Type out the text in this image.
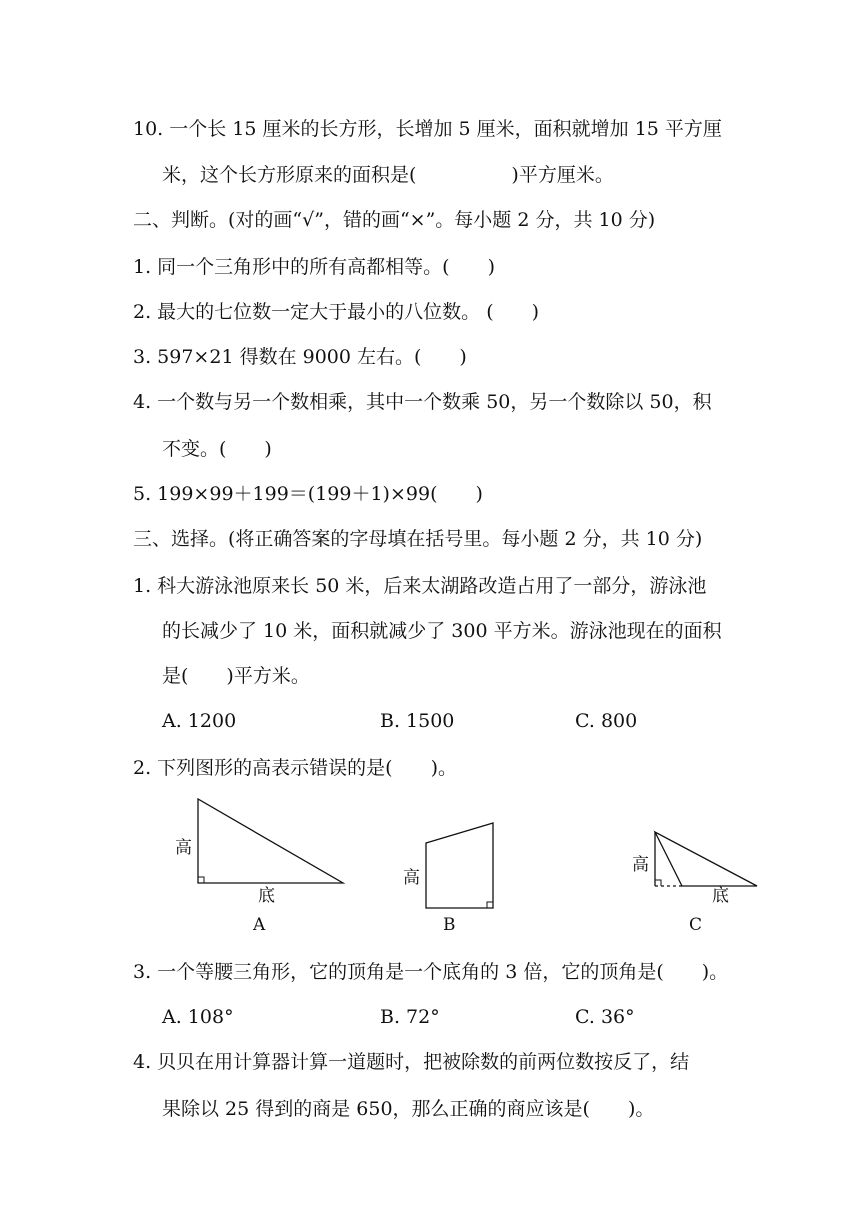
10. 一个长 15 厘米的长方形，长增加 5 厘米，面积就增加 15 平方厘
米，这个长方形原来的面积是(　　　　　)平方厘米。
二、判断。(对的画“√”，错的画“×”。每小题 2 分，共 10 分)
1. 同一个三角形中的所有高都相等。(　　)
2. 最大的七位数一定大于最小的八位数。 (　　)
3. 597×21 得数在 9000 左右。(　　)
4. 一个数与另一个数相乘，其中一个数乘 50，另一个数除以 50，积
不变。(　　)
5. 199×99＋199＝(199＋1)×99(　　)
三、选择。(将正确答案的字母填在括号里。每小题 2 分，共 10 分)
1. 科大游泳池原来长 50 米，后来太湖路改造占用了一部分，游泳池
的长减少了 10 米，面积就减少了 300 平方米。游泳池现在的面积
是(　　)平方米。
A. 1200	B. 1500	C. 800
2. 下列图形的高表示错误的是(　　)。
高
底
A
高
B
高
底
C
3. 一个等腰三角形，它的顶角是一个底角的 3 倍，它的顶角是(　　)。
A. 108°	B. 72°	C. 36°
4. 贝贝在用计算器计算一道题时，把被除数的前两位数按反了，结
果除以 25 得到的商是 650，那么正确的商应该是(　　)。
